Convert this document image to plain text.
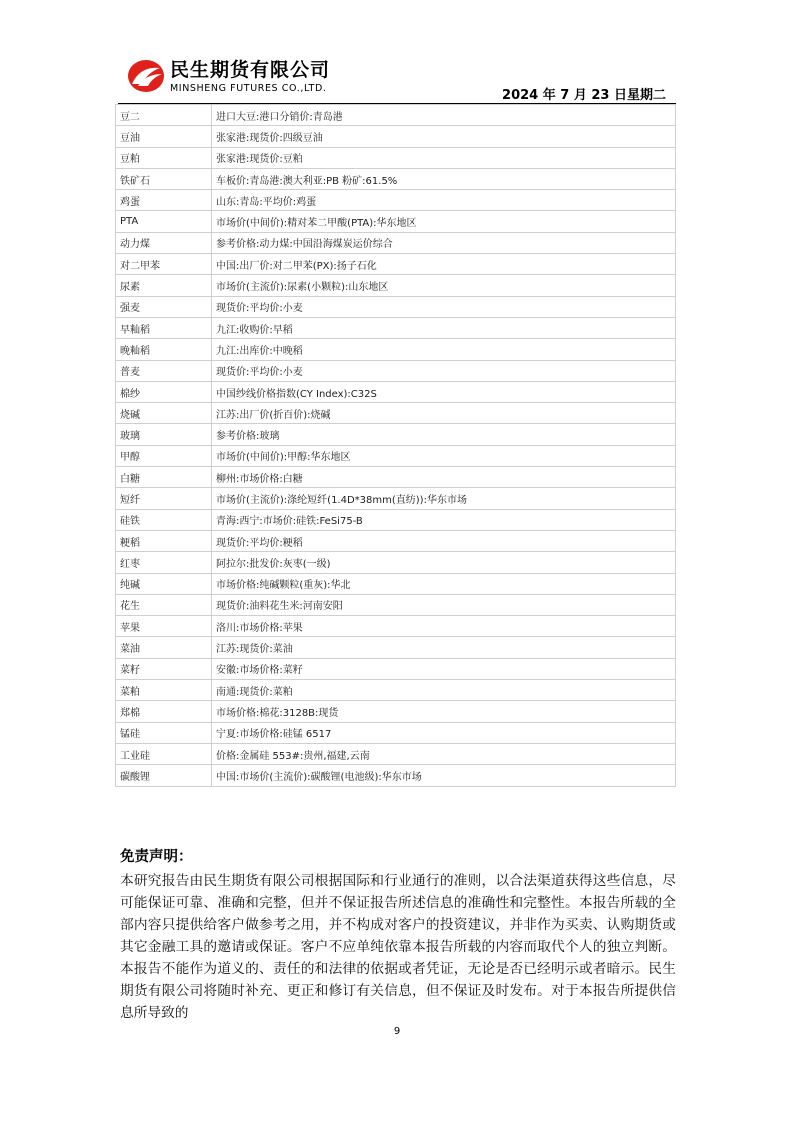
民生期货有限公司
MINSHENG FUTURES CO.,LTD.	2024 年 7 月 23 日星期二
豆二	进口大豆:港口分销价:青岛港
豆油	张家港:现货价:四级豆油
豆粕	张家港:现货价:豆粕
铁矿石	车板价:青岛港:澳大利亚:PB 粉矿:61.5%
鸡蛋	山东:青岛:平均价:鸡蛋
PTA	市场价(中间价):精对苯二甲酸(PTA):华东地区
动力煤	参考价格:动力煤:中国沿海煤炭运价综合
对二甲苯	中国:出厂价:对二甲苯(PX):扬子石化
尿素	市场价(主流价):尿素(小颗粒):山东地区
强麦	现货价:平均价:小麦
早籼稻	九江:收购价:早稻
晚籼稻	九江:出库价:中晚稻
普麦	现货价:平均价:小麦
棉纱	中国纱线价格指数(CY Index):C32S
烧碱	江苏:出厂价(折百价):烧碱
玻璃	参考价格:玻璃
甲醇	市场价(中间价):甲醇:华东地区
白糖	柳州:市场价格:白糖
短纤	市场价(主流价):涤纶短纤(1.4D*38mm(直纺)):华东市场
硅铁	青海:西宁:市场价:硅铁:FeSi75-B
粳稻	现货价:平均价:粳稻
红枣	阿拉尔:批发价:灰枣(一级)
纯碱	市场价格:纯碱颗粒(重灰):华北
花生	现货价:油料花生米:河南安阳
苹果	洛川:市场价格:苹果
菜油	江苏:现货价:菜油
菜籽	安徽:市场价格:菜籽
菜粕	南通:现货价:菜粕
郑棉	市场价格:棉花:3128B:现货
锰硅	宁夏:市场价格:硅锰 6517
工业硅	价格:金属硅 553#:贵州,福建,云南
碳酸锂	中国:市场价(主流价):碳酸锂(电池级):华东市场
免责声明：
本研究报告由民生期货有限公司根据国际和行业通行的准则，以合法渠道获得这些信息，尽可能保证可靠、准确和完整，但并不保证报告所述信息的准确性和完整性。本报告所载的全部内容只提供给客户做参考之用，并不构成对客户的投资建议，并非作为买卖、认购期货或其它金融工具的邀请或保证。客户不应单纯依靠本报告所载的内容而取代个人的独立判断。本报告不能作为道义的、责任的和法律的依据或者凭证，无论是否已经明示或者暗示。民生期货有限公司将随时补充、更正和修订有关信息，但不保证及时发布。对于本报告所提供信息所导致的
9
